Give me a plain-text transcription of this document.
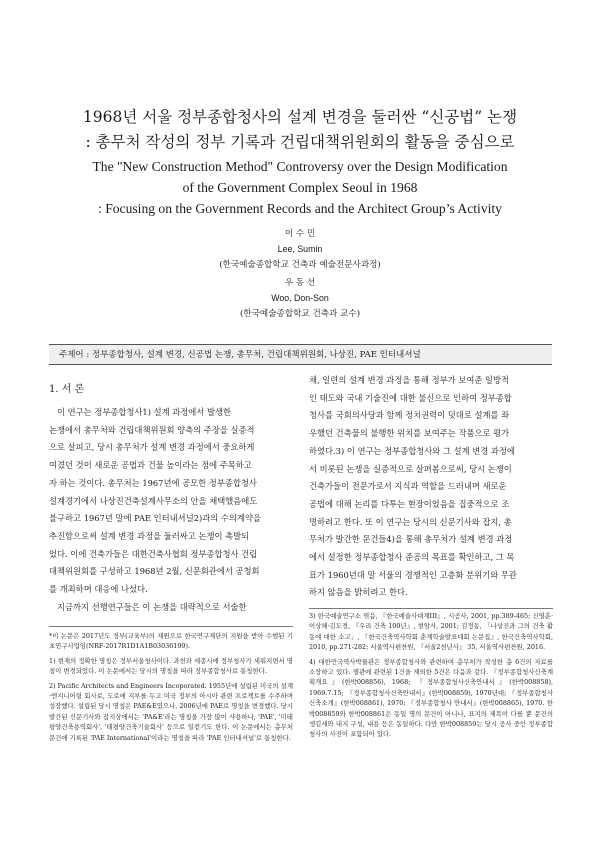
1968년 서울 정부종합청사의 설계 변경을 둘러싼 “신공법” 논쟁
: 총무처 작성의 정부 기록과 건립대책위원회의 활동을 중심으로
The "New Construction Method" Controversy over the Design Modification
of the Government Complex Seoul in 1968
: Focusing on the Government Records and the Architect Group’s Activity
이 수 민
Lee, Sumin
(한국예술종합학교 건축과 예술전문사과정)
우 동 선
Woo, Don-Son
(한국예술종합학교 건축과 교수)
주제어 : 정부종합청사, 설계 변경, 신공법 논쟁, 총무처, 건립대책위원회, 나상진, PAE 인터내셔널
1. 서 론

이 연구는 정부종합청사1) 설계 과정에서 발생한

논쟁에서 총무처와 건립대책위원회 양측의 주장을 실증적

으로 살피고, 당시 총무처가 설계 변경 과정에서 중요하게

여겼던 것이 새로운 공법과 건물 높이라는 점에 주목하고

자 하는 것이다. 총무처는 1967년에 공모한 정부종합청사

설계경기에서 나상진건축설계사무소의 안을 채택했음에도

불구하고 1967년 말에 PAE 인터내셔널2)과의 수의계약을

추진함으로써 설계 변경 과정을 둘러싸고 논쟁이 촉발되

었다. 이에 건축가들은 대한건축사협회 정부종합청사 건립

대책위원회를 구성하고 1968년 2월, 신문회관에서 공청회

를 개최하며 대응에 나섰다.

지금까지 선행연구들은 이 논쟁을 대략적으로 서술한

채, 일련의 설계 변경 과정을 통해 정부가 보여준 일방적

인 태도와 국내 기술진에 대한 불신으로 인하여 정부종합

청사를 국회의사당과 함께 정치권력이 덧대로 설계를 좌

우했던 건축물의 불행한 위치를 보여주는 작품으로 평가

하였다.3) 이 연구는 정부종합청사와 그 설계 변경 과정에

서 비롯된 논쟁을 실증적으로 살펴봄으로써, 당시 논쟁이

건축가들이 전문가로서 지식과 역할을 드러내며 새로운

공법에 대해 논리를 다투는 현장이었음을 집중적으로 조

명하려고 한다. 또 이 연구는 당시의 신문기사와 잡지, 총

무처가 발간한 문건들4)을 통해 총무처가 설계 변경 과정

에서 설정한 정부종합청사 준공의 목표를 확인하고, 그 목

표가 1960년대 말 서울의 경쟁적인 고층화 분위기와 무관

하지 않음을 밝히려고 한다.

*이 논문은 2017년도 정부(교육부)의 재원으로 한국연구재단의 지원을 받아 수행된 기초연구사업임(NRF-2017R1D1A1B03036199).

1) 현재의 정확한 명칭은 정부서울청사이다. 과천과 세종시에 정부청사가 세워지면서 명칭이 변경되었다. 이 논문에서는 당시의 명칭을 따라 정부종합청사로 통칭한다.

2) Pacific Architects and Engineers Incoporated. 1955년에 설립된 미국의 설계·엔지니어링 회사로, 도로에 지부를 두고 미국 정부의 아시아 관련 프로젝트를 수주하며 성장했다. 설립된 당시 명칭은 PAE&E였으나, 2006년에 PAE로 명칭을 변경했다. 당시 발간된 신문기사와 잡지상에서는 'PA&E'라는 명칭을 가장 많이 사용하나, 'PAE', '미태평양건축용역회사', '태평양건축기술회사' 등으로 일컫기도 한다. 이 논문에서는 총무처 문건에 기록된 'PAE International'이라는 명칭을 따라 'PAE 인터내셔널'로 통칭한다.

3) 한국예술연구소 엮음, 『한국예술사대계III』, 시공사, 2001, pp.389-465; 신영훈·이상해·김도경, 『우리 건축 100년』, 현암사, 2001; 김정동, 「나상진과 그의 건축 활동에 대한 소고」, 『한국건축역사학회 춘계학술발표대회 논문집』, 한국건축역사학회, 2010, pp.271-282; 서울역사편찬원, 『서울2천년사』 35, 서울역사편찬원, 2016.

4) 대한민국역사박물관은 정부종합청사와 관련하여 총무처가 작성한 총 6건의 자료를 소장하고 있다. 별관에 관련된 1건을 제외한 5건은 다음과 같다. 『정부종합청사신축계획개요』(한박008856), 1968; 『정부종합청사신축안내서』(한박008858), 1969.7.15; 『정부종합청사신축안내서』(한박008859), 1970년대; 『정부종합청사신축소개』(한박008861), 1970; 『정부종합청사 안내서』(한박008865), 1970. 한박008859와 한박008861은 동일 명의 문건이 아니나, 표지의 제목이 다를 뿐 문건의 생김새와 내지 구성, 내용 등은 동일하다. 다만 한박008859는 당시 공사 중인 정부종합청사의 사진이 포함되어 있다.
